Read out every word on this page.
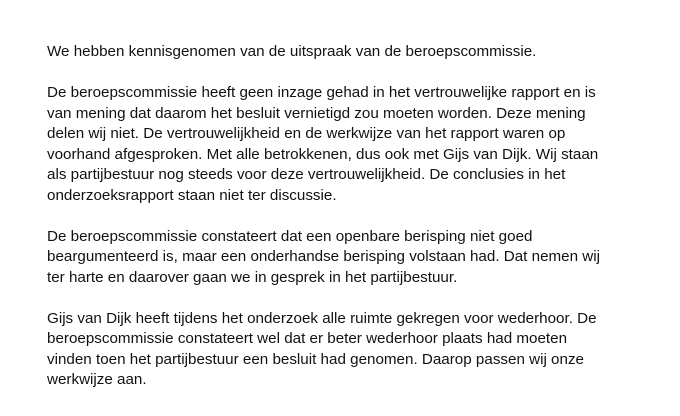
We hebben kennisgenomen van de uitspraak van de beroepscommissie.

De beroepscommissie heeft geen inzage gehad in het vertrouwelijke rapport en is
van mening dat daarom het besluit vernietigd zou moeten worden. Deze mening
delen wij niet. De vertrouwelijkheid en de werkwijze van het rapport waren op
voorhand afgesproken. Met alle betrokkenen, dus ook met Gijs van Dijk. Wij staan
als partijbestuur nog steeds voor deze vertrouwelijkheid. De conclusies in het
onderzoeksrapport staan niet ter discussie.

De beroepscommissie constateert dat een openbare berisping niet goed
beargumenteerd is, maar een onderhandse berisping volstaan had. Dat nemen wij
ter harte en daarover gaan we in gesprek in het partijbestuur.

Gijs van Dijk heeft tijdens het onderzoek alle ruimte gekregen voor wederhoor. De
beroepscommissie constateert wel dat er beter wederhoor plaats had moeten
vinden toen het partijbestuur een besluit had genomen. Daarop passen wij onze
werkwijze aan.
